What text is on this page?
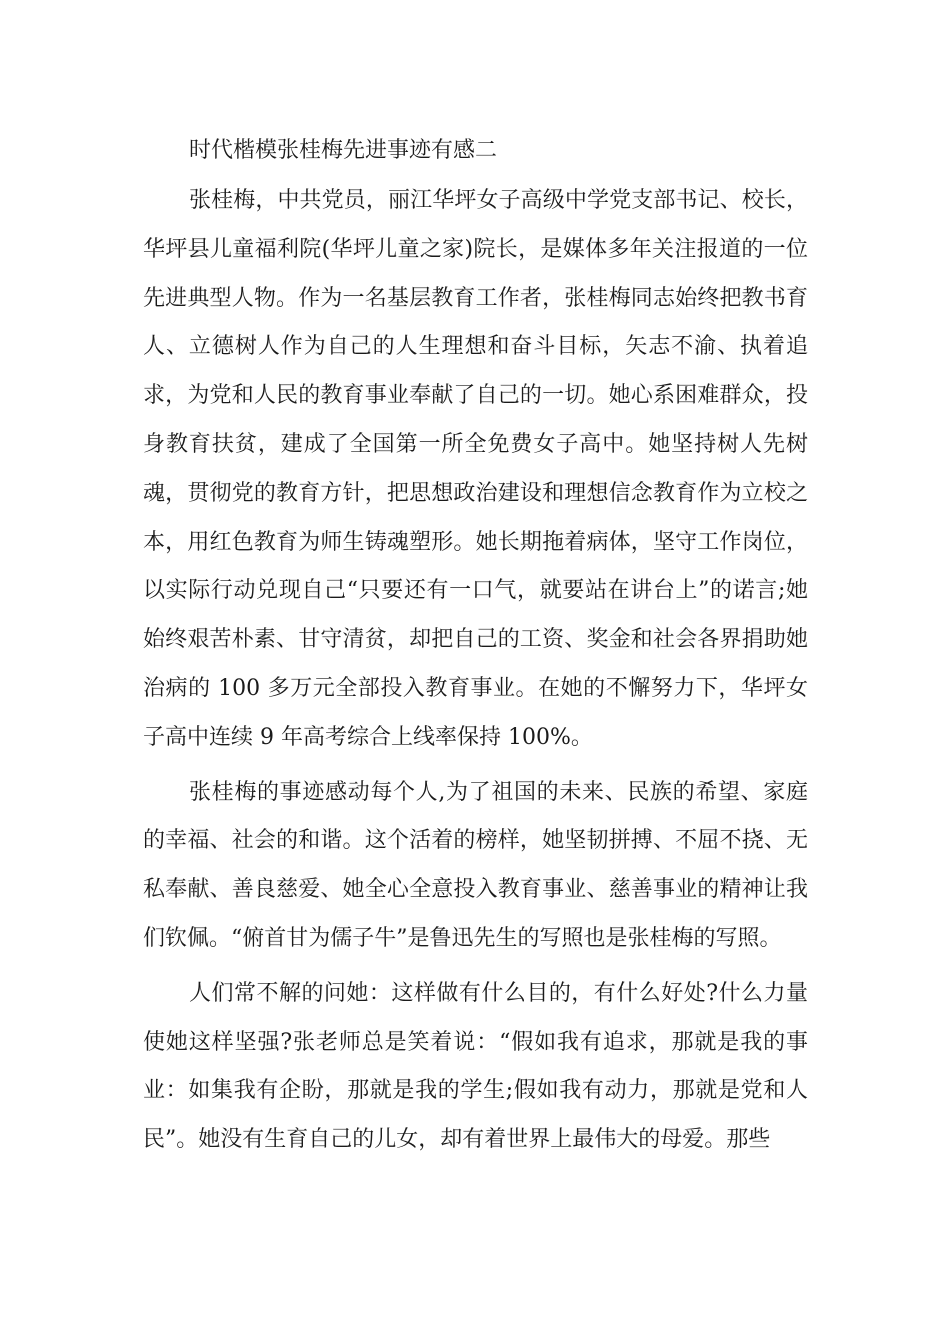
时代楷模张桂梅先进事迹有感二

张桂梅，中共党员，丽江华坪女子高级中学党支部书记、校长，华坪县儿童福利院(华坪儿童之家)院长，是媒体多年关注报道的一位先进典型人物。作为一名基层教育工作者，张桂梅同志始终把教书育人、立德树人作为自己的人生理想和奋斗目标，矢志不渝、执着追求，为党和人民的教育事业奉献了自己的一切。她心系困难群众，投身教育扶贫，建成了全国第一所全免费女子高中。她坚持树人先树魂，贯彻党的教育方针，把思想政治建设和理想信念教育作为立校之本，用红色教育为师生铸魂塑形。她长期拖着病体，坚守工作岗位，以实际行动兑现自己“只要还有一口气，就要站在讲台上”的诺言;她始终艰苦朴素、甘守清贫，却把自己的工资、奖金和社会各界捐助她治病的 100 多万元全部投入教育事业。在她的不懈努力下，华坪女子高中连续 9 年高考综合上线率保持 100%。

张桂梅的事迹感动每个人,为了祖国的未来、民族的希望、家庭的幸福、社会的和谐。这个活着的榜样，她坚韧拼搏、不屈不挠、无私奉献、善良慈爱、她全心全意投入教育事业、慈善事业的精神让我们钦佩。“俯首甘为儒子牛”是鲁迅先生的写照也是张桂梅的写照。

人们常不解的问她：这样做有什么目的，有什么好处?什么力量使她这样坚强?张老师总是笑着说：“假如我有追求，那就是我的事业：如集我有企盼，那就是我的学生;假如我有动力，那就是党和人民”。她没有生育自己的儿女，却有着世界上最伟大的母爱。那些
